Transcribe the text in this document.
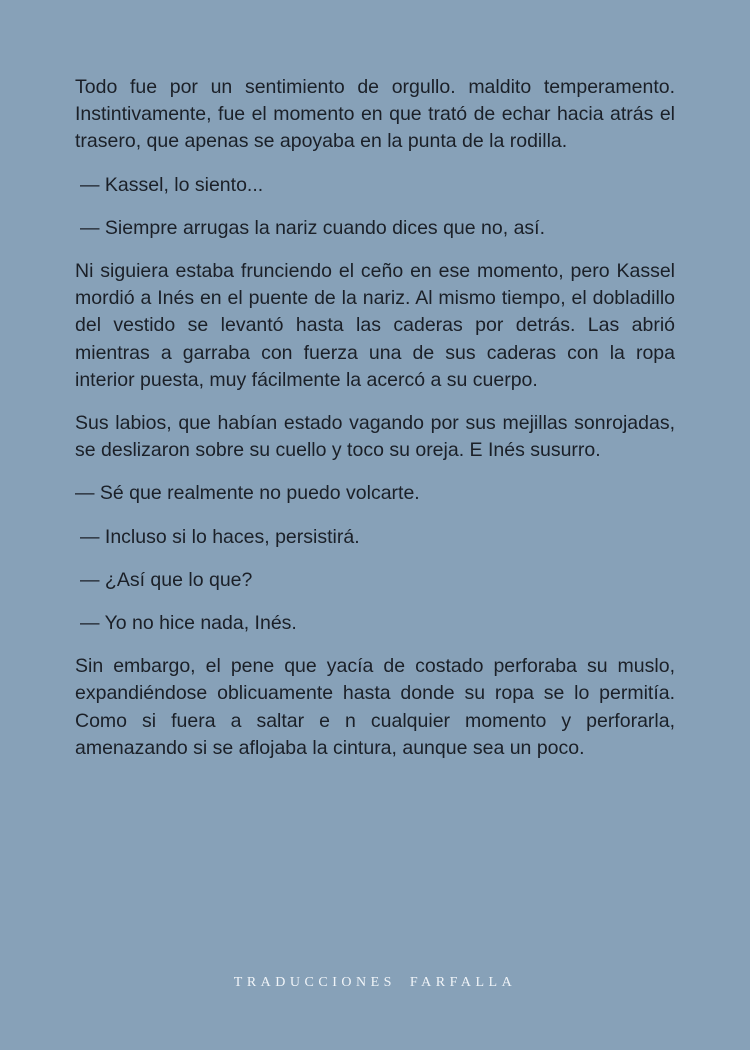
Todo fue por un sentimiento de orgullo. maldito temperamento. Instintivamente, fue el momento en que trató de echar hacia atrás el trasero, que apenas se apoyaba en la punta de la rodilla.

— Kassel, lo siento...

— Siempre arrugas la nariz cuando dices que no, así.

Ni siguiera estaba frunciendo el ceño en ese momento, pero Kassel mordió a Inés en el puente de la nariz. Al mismo tiempo, el dobladillo del vestido se levantó hasta las caderas por detrás. Las abrió mientras a garraba con fuerza una de sus caderas con la ropa interior puesta, muy fácilmente la acercó a su cuerpo.

Sus labios, que habían estado vagando por sus mejillas sonrojadas, se deslizaron sobre su cuello y toco su oreja. E Inés susurro.

— Sé que realmente no puedo volcarte.

— Incluso si lo haces, persistirá.

— ¿Así que lo que?

— Yo no hice nada, Inés.

Sin embargo, el pene que yacía de costado perforaba su muslo, expandiéndose oblicuamente hasta donde su ropa se lo permitía. Como si fuera a saltar e n cualquier momento y perforarla, amenazando si se aflojaba la cintura, aunque sea un poco.

TRADUCCIONES FARFALLA
